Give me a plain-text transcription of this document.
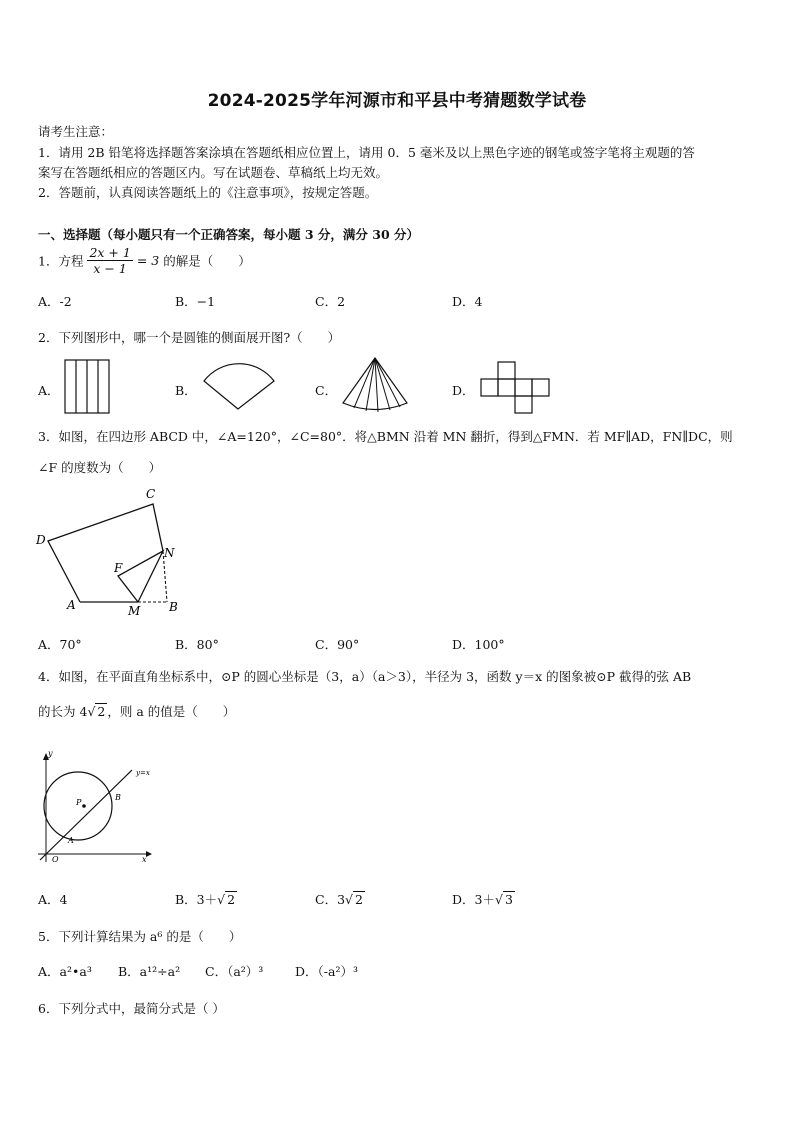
2024-2025学年河源市和平县中考猜题数学试卷
请考生注意：
1．请用 2B 铅笔将选择题答案涂填在答题纸相应位置上，请用 0．5 毫米及以上黑色字迹的钢笔或签字笔将主观题的答
案写在答题纸相应的答题区内。写在试题卷、草稿纸上均无效。
2．答题前，认真阅读答题纸上的《注意事项》，按规定答题。
一、选择题（每小题只有一个正确答案，每小题 3 分，满分 30 分）
1．方程 $\frac{2x + 1}{x - 1} = 3$ 的解是（　　）
A．-2	B．−1	C．2	D．4
2．下列图形中，哪一个是圆锥的侧面展开图?（　　）
A．	B．	C．	D．
3．如图，在四边形 ABCD 中，∠A=120°，∠C=80°．将△BMN 沿着 MN 翻折，得到△FMN．若 MF∥AD，FN∥DC，则
∠F 的度数为（　　）
D
C
N
F
A	M B
A．70°	B．80°	C．90°	D．100°
4．如图，在平面直角坐标系中，⊙P 的圆心坐标是（3，a）（a＞3），半径为 3，函数 y＝x 的图象被⊙P 截得的弦 AB
的长为 4√ 2 ，则 a 的值是（　　）
y
x
O
P
A
B
y=x
A．4	B．3＋√ 2	C．3√ 2	D．3＋√ 3
5．下列计算结果为 a⁶ 的是（　　）
A．a²•a³ B．a¹²÷a² C．（a²）³	D．（-a²）³
6．下列分式中，最简分式是（ ）
